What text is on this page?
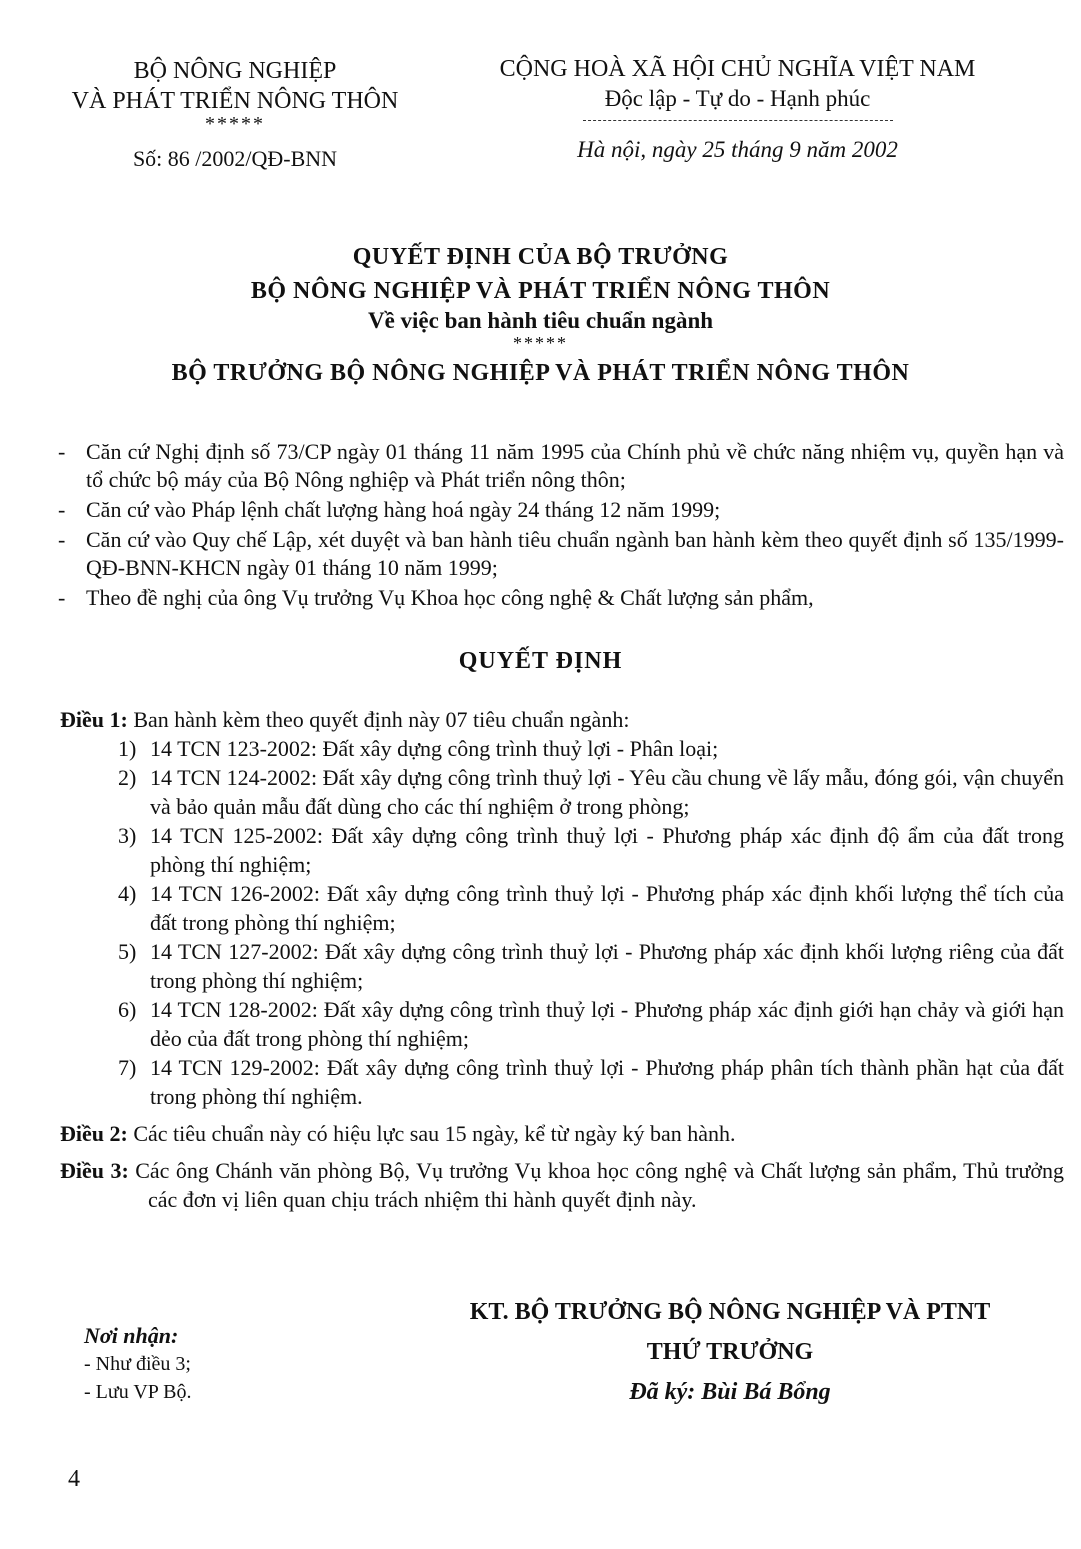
BỘ NÔNG NGHIỆP
VÀ PHÁT TRIỂN NÔNG THÔN
*****
Số: 86 /2002/QĐ-BNN
CỘNG HOÀ XÃ HỘI CHỦ NGHĨA VIỆT NAM
Độc lập - Tự do - Hạnh phúc
Hà nội, ngày 25 tháng 9 năm 2002
QUYẾT ĐỊNH CỦA BỘ TRƯỞNG
BỘ NÔNG NGHIỆP VÀ PHÁT TRIỂN NÔNG THÔN
Về việc ban hành tiêu chuẩn ngành
*****
BỘ TRƯỞNG BỘ NÔNG NGHIỆP VÀ PHÁT TRIỂN NÔNG THÔN
- Căn cứ Nghị định số 73/CP ngày 01 tháng 11 năm 1995 của Chính phủ về chức năng nhiệm vụ, quyền hạn và tổ chức bộ máy của Bộ Nông nghiệp và Phát triển nông thôn;
- Căn cứ vào Pháp lệnh chất lượng hàng hoá ngày 24 tháng 12 năm 1999;
- Căn cứ vào Quy chế Lập, xét duyệt và ban hành tiêu chuẩn ngành ban hành kèm theo quyết định số 135/1999-QĐ-BNN-KHCN ngày 01 tháng 10 năm 1999;
- Theo đề nghị của ông Vụ trưởng Vụ Khoa học công nghệ & Chất lượng sản phẩm,
QUYẾT ĐỊNH
Điều 1: Ban hành kèm theo quyết định này 07 tiêu chuẩn ngành:
1) 14 TCN 123-2002: Đất xây dựng công trình thuỷ lợi - Phân loại;
2) 14 TCN 124-2002: Đất xây dựng công trình thuỷ lợi - Yêu cầu chung về lấy mẫu, đóng gói, vận chuyển và bảo quản mẫu đất dùng cho các thí nghiệm ở trong phòng;
3) 14 TCN 125-2002: Đất xây dựng công trình thuỷ lợi - Phương pháp xác định độ ẩm của đất trong phòng thí nghiệm;
4) 14 TCN 126-2002: Đất xây dựng công trình thuỷ lợi - Phương pháp xác định khối lượng thể tích của đất trong phòng thí nghiệm;
5) 14 TCN 127-2002: Đất xây dựng công trình thuỷ lợi - Phương pháp xác định khối lượng riêng của đất trong phòng thí nghiệm;
6) 14 TCN 128-2002: Đất xây dựng công trình thuỷ lợi - Phương pháp xác định giới hạn chảy và giới hạn dẻo của đất trong phòng thí nghiệm;
7) 14 TCN 129-2002: Đất xây dựng công trình thuỷ lợi - Phương pháp phân tích thành phần hạt của đất trong phòng thí nghiệm.
Điều 2: Các tiêu chuẩn này có hiệu lực sau 15 ngày, kể từ ngày ký ban hành.
Điều 3: Các ông Chánh văn phòng Bộ, Vụ trưởng Vụ khoa học công nghệ và Chất lượng sản phẩm, Thủ trưởng các đơn vị liên quan chịu trách nhiệm thi hành quyết định này.
KT. BỘ TRƯỞNG BỘ NÔNG NGHIỆP VÀ PTNT
THỨ TRƯỞNG
Đã ký: Bùi Bá Bổng
Nơi nhận:
- Như điều 3;
- Lưu VP Bộ.
4
